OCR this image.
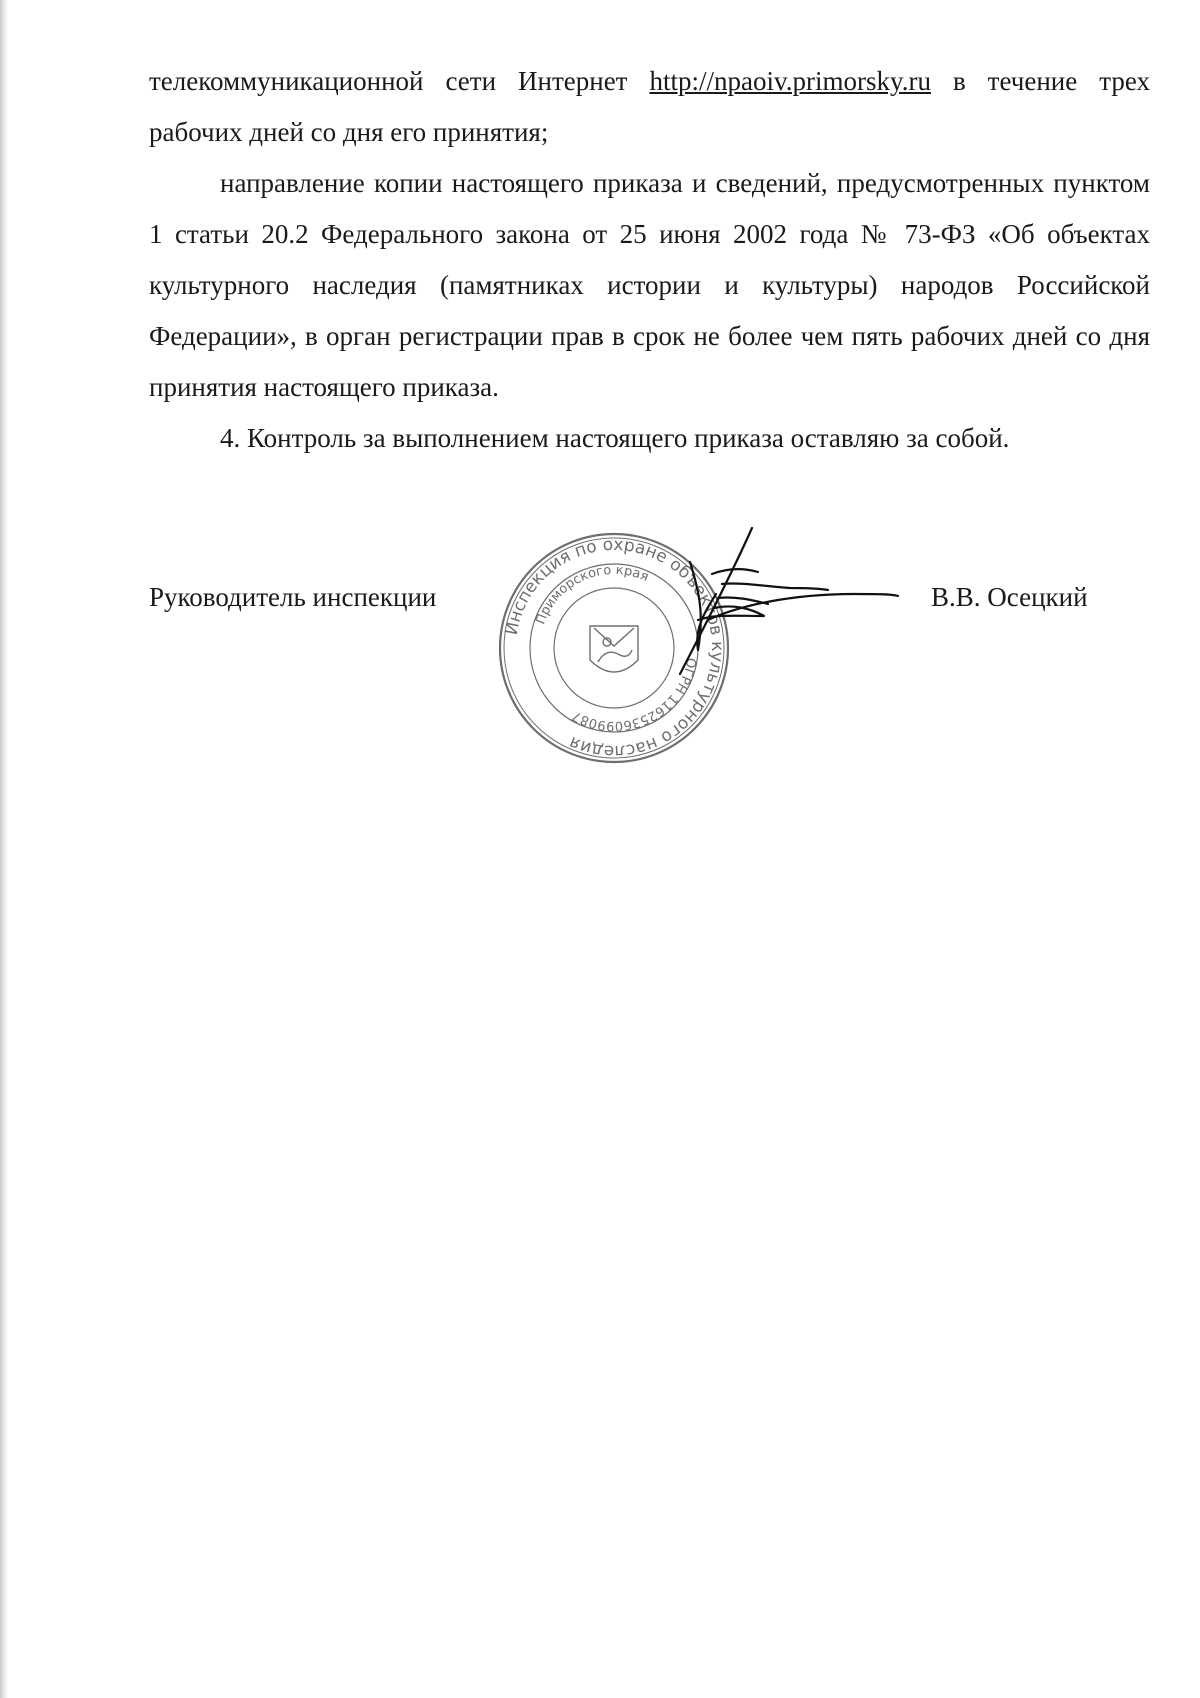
телекоммуникационной сети Интернет http://npaoiv.primorsky.ru в течение трех рабочих дней со дня его принятия;

направление копии настоящего приказа и сведений, предусмотренных пунктом 1 статьи 20.2 Федерального закона от 25 июня 2002 года № 73-ФЗ «Об объектах культурного наследия (памятниках истории и культуры) народов Российской Федерации», в орган регистрации прав в срок не более чем пять рабочих дней со дня принятия настоящего приказа.

4. Контроль за выполнением настоящего приказа оставляю за собой.

Руководитель инспекции	В.В. Осецкий
Инспекция по охране объектов культурного наследия
Приморского края
ОГРН 1162536099087
